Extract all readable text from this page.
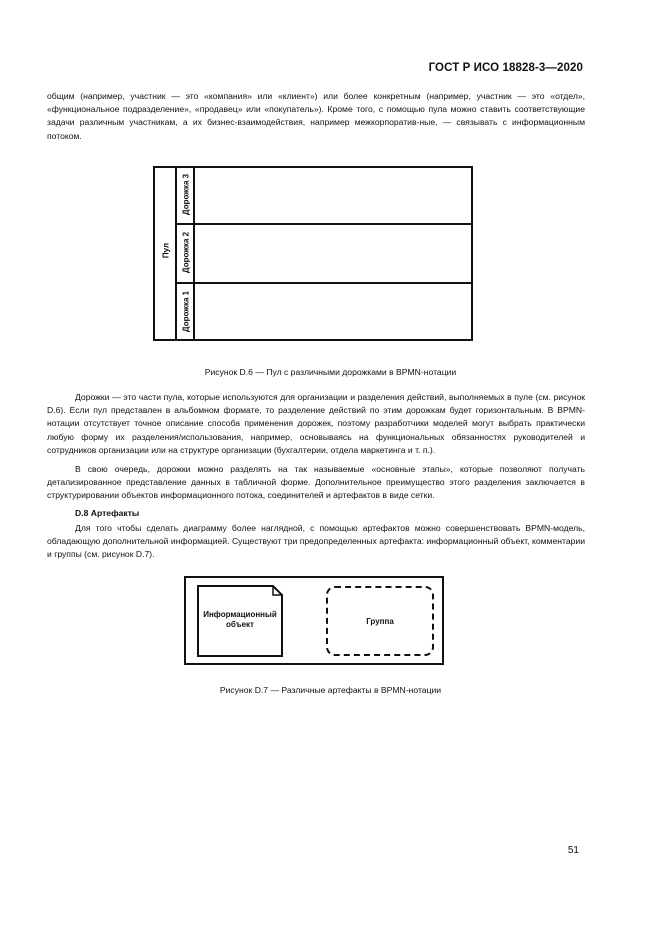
ГОСТ Р ИСО 18828-3—2020

общим (например, участник — это «компания» или «клиент») или более конкретным (например, участник — это «отдел», «функциональное подразделение», «продавец» или «покупатель»). Кроме того, с помощью пула можно ставить соответствующие задачи различным участникам, а их бизнес-взаимодействия, например межкорпоратив-ные, — связывать с информационным потоком.

Пул
Дорожка 3
Дорожка 2
Дорожка 1
Рисунок D.6 — Пул с различными дорожками в BPMN-нотации

Дорожки — это части пула, которые используются для организации и разделения действий, выполняемых в пуле (см. рисунок D.6). Если пул представлен в альбомном формате, то разделение действий по этим дорожкам будет горизонтальным. В BPMN-нотации отсутствует точное описание способа применения дорожек, поэтому разработчики моделей могут выбрать практически любую форму их разделения/использования, например, основываясь на функциональных обязанностях руководителей и сотрудников организации или на структуре организации (бухгалтерии, отдела маркетинга и т. п.).

В свою очередь, дорожки можно разделять на так называемые «основные этапы», которые позволяют получать детализированное представление данных в табличной форме. Дополнительное преимущество этого разделения заключается в структурировании объектов информационного потока, соединителей и артефактов в виде сетки.

D.8 Артефакты

Для того чтобы сделать диаграмму более наглядной, с помощью артефактов можно совершенствовать BPMN-модель, обладающую дополнительной информацией. Существуют три предопределенных артефакта: информационный объект, комментарии и группы (см. рисунок D.7).

Информационный
объект	Группа
Рисунок D.7 — Различные артефакты в BPMN-нотации
51
